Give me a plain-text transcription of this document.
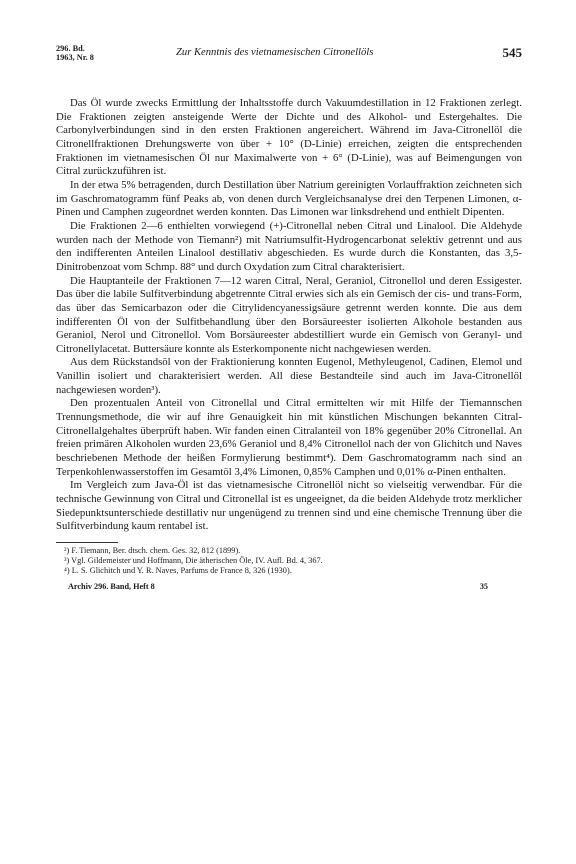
296. Bd.
1963, Nr. 8	Zur Kenntnis des vietnamesischen Citronellöls	545

Das Öl wurde zwecks Ermittlung der Inhaltsstoffe durch Vakuumdestillation in 12 Fraktionen zerlegt. Die Fraktionen zeigten ansteigende Werte der Dichte und des Alkohol- und Estergehaltes. Die Carbonylverbindungen sind in den ersten Fraktionen angereichert. Während im Java-Citronellöl die Citronellfraktionen Drehungswerte von über + 10° (D-Linie) erreichen, zeigten die entsprechenden Fraktionen im vietnamesischen Öl nur Maximalwerte von + 6° (D-Linie), was auf Beimengungen von Citral zurückzuführen ist.

In der etwa 5% betragenden, durch Destillation über Natrium gereinigten Vorlauffraktion zeichneten sich im Gaschromatogramm fünf Peaks ab, von denen durch Vergleichsanalyse drei den Terpenen Limonen, α-Pinen und Camphen zugeordnet werden konnten. Das Limonen war linksdrehend und enthielt Dipenten.

Die Fraktionen 2—6 enthielten vorwiegend (+)-Citronellal neben Citral und Linalool. Die Aldehyde wurden nach der Methode von Tiemann²) mit Natriumsulfit-Hydrogencarbonat selektiv getrennt und aus den indifferenten Anteilen Linalool destillativ abgeschieden. Es wurde durch die Konstanten, das 3,5-Dinitrobenzoat vom Schmp. 88° und durch Oxydation zum Citral charakterisiert.

Die Hauptanteile der Fraktionen 7—12 waren Citral, Neral, Geraniol, Citronellol und deren Essigester. Das über die labile Sulfitverbindung abgetrennte Citral erwies sich als ein Gemisch der cis- und trans-Form, das über das Semicarbazon oder die Citrylidencyanessigsäure getrennt werden konnte. Die aus dem indifferenten Öl von der Sulfitbehandlung über den Borsäureester isolierten Alkohole bestanden aus Geraniol, Nerol und Citronellol. Vom Borsäureester abdestilliert wurde ein Gemisch von Geranyl- und Citronellylacetat. Buttersäure konnte als Esterkomponente nicht nachgewiesen werden.

Aus dem Rückstandsöl von der Fraktionierung konnten Eugenol, Methyleugenol, Cadinen, Elemol und Vanillin isoliert und charakterisiert werden. All diese Bestandteile sind auch im Java-Citronellöl nachgewiesen worden³).

Den prozentualen Anteil von Citronellal und Citral ermittelten wir mit Hilfe der Tiemannschen Trennungsmethode, die wir auf ihre Genauigkeit hin mit künstlichen Mischungen bekannten Citral-Citronellalgehaltes überprüft haben. Wir fanden einen Citralanteil von 18% gegenüber 20% Citronellal. An freien primären Alkoholen wurden 23,6% Geraniol und 8,4% Citronellol nach der von Glichitch und Naves beschriebenen Methode der heißen Formylierung bestimmt⁴). Dem Gaschromatogramm nach sind an Terpenkohlenwasserstoffen im Gesamtöl 3,4% Limonen, 0,85% Camphen und 0,01% α-Pinen enthalten.

Im Vergleich zum Java-Öl ist das vietnamesische Citronellöl nicht so vielseitig verwendbar. Für die technische Gewinnung von Citral und Citronellal ist es ungeeignet, da die beiden Aldehyde trotz merklicher Siedepunktsunterschiede destillativ nur ungenügend zu trennen sind und eine chemische Trennung über die Sulfitverbindung kaum rentabel ist.

²) F. Tiemann, Ber. dtsch. chem. Ges. 32, 812 (1899).

³) Vgl. Gildemeister und Hoffmann, Die ätherischen Öle, IV. Aufl. Bd. 4, 367.

⁴) L. S. Glichitch und Y. R. Naves, Parfums de France 8, 326 (1930).

Archiv 296. Band, Heft 8	35
